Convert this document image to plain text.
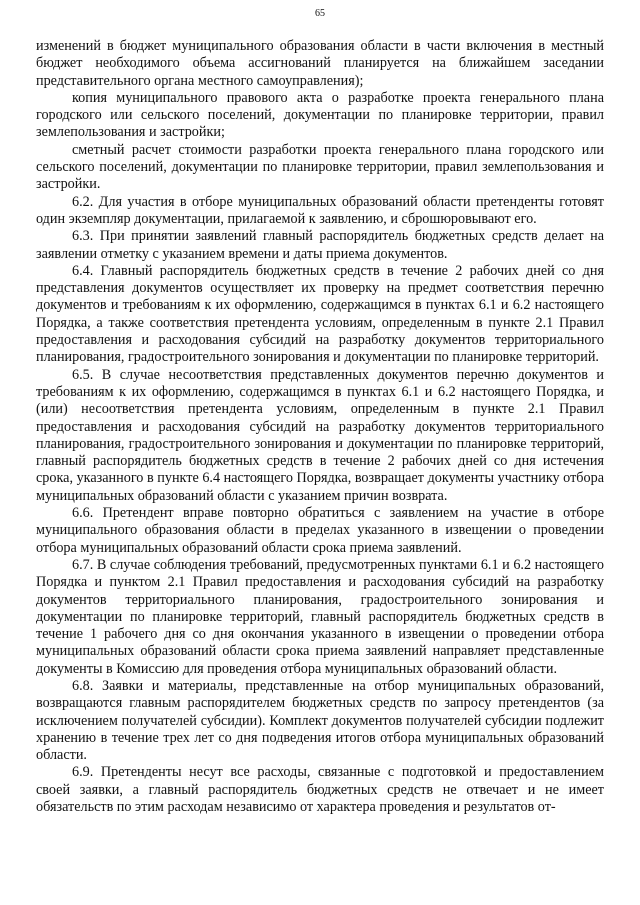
65

изменений в бюджет муниципального образования области в части включения в местный бюджет необходимого объема ассигнований планируется на ближайшем заседании представительного органа местного самоуправления);

копия муниципального правового акта о разработке проекта генерального плана городского или сельского поселений, документации по планировке территории, правил землепользования и застройки;

сметный расчет стоимости разработки проекта генерального плана городского или сельского поселений, документации по планировке территории, правил землепользования и застройки.

6.2. Для участия в отборе муниципальных образований области претенденты готовят один экземпляр документации, прилагаемой к заявлению, и сброшюровывают его.

6.3. При принятии заявлений главный распорядитель бюджетных средств делает на заявлении отметку с указанием времени и даты приема документов.

6.4. Главный распорядитель бюджетных средств в течение 2 рабочих дней со дня представления документов осуществляет их проверку на предмет соответствия перечню документов и требованиям к их оформлению, содержащимся в пунктах 6.1 и 6.2 настоящего Порядка, а также соответствия претендента условиям, определенным в пункте 2.1 Правил предоставления и расходования субсидий на разработку документов территориального планирования, градостроительного зонирования и документации по планировке территорий.

6.5. В случае несоответствия представленных документов перечню документов и требованиям к их оформлению, содержащимся в пунктах 6.1 и 6.2 настоящего Порядка, и (или) несоответствия претендента условиям, определенным в пункте 2.1 Правил предоставления и расходования субсидий на разработку документов территориального планирования, градостроительного зонирования и документации по планировке территорий, главный распорядитель бюджетных средств в течение 2 рабочих дней со дня истечения срока, указанного в пункте 6.4 настоящего Порядка, возвращает документы участнику отбора муниципальных образований области с указанием причин возврата.

6.6. Претендент вправе повторно обратиться с заявлением на участие в отборе муниципального образования области в пределах указанного в извещении о проведении отбора муниципальных образований области срока приема заявлений.

6.7. В случае соблюдения требований, предусмотренных пунктами 6.1 и 6.2 настоящего Порядка и пунктом 2.1 Правил предоставления и расходования субсидий на разработку документов территориального планирования, градостроительного зонирования и документации по планировке территорий, главный распорядитель бюджетных средств в течение 1 рабочего дня со дня окончания указанного в извещении о проведении отбора муниципальных образований области срока приема заявлений направляет представленные документы в Комиссию для проведения отбора муниципальных образований области.

6.8. Заявки и материалы, представленные на отбор муниципальных образований, возвращаются главным распорядителем бюджетных средств по запросу претендентов (за исключением получателей субсидии). Комплект документов получателей субсидии подлежит хранению в течение трех лет со дня подведения итогов отбора муниципальных образований области.

6.9. Претенденты несут все расходы, связанные с подготовкой и предоставлением своей заявки, а главный распорядитель бюджетных средств не отвечает и не имеет обязательств по этим расходам независимо от характера проведения и результатов от-
